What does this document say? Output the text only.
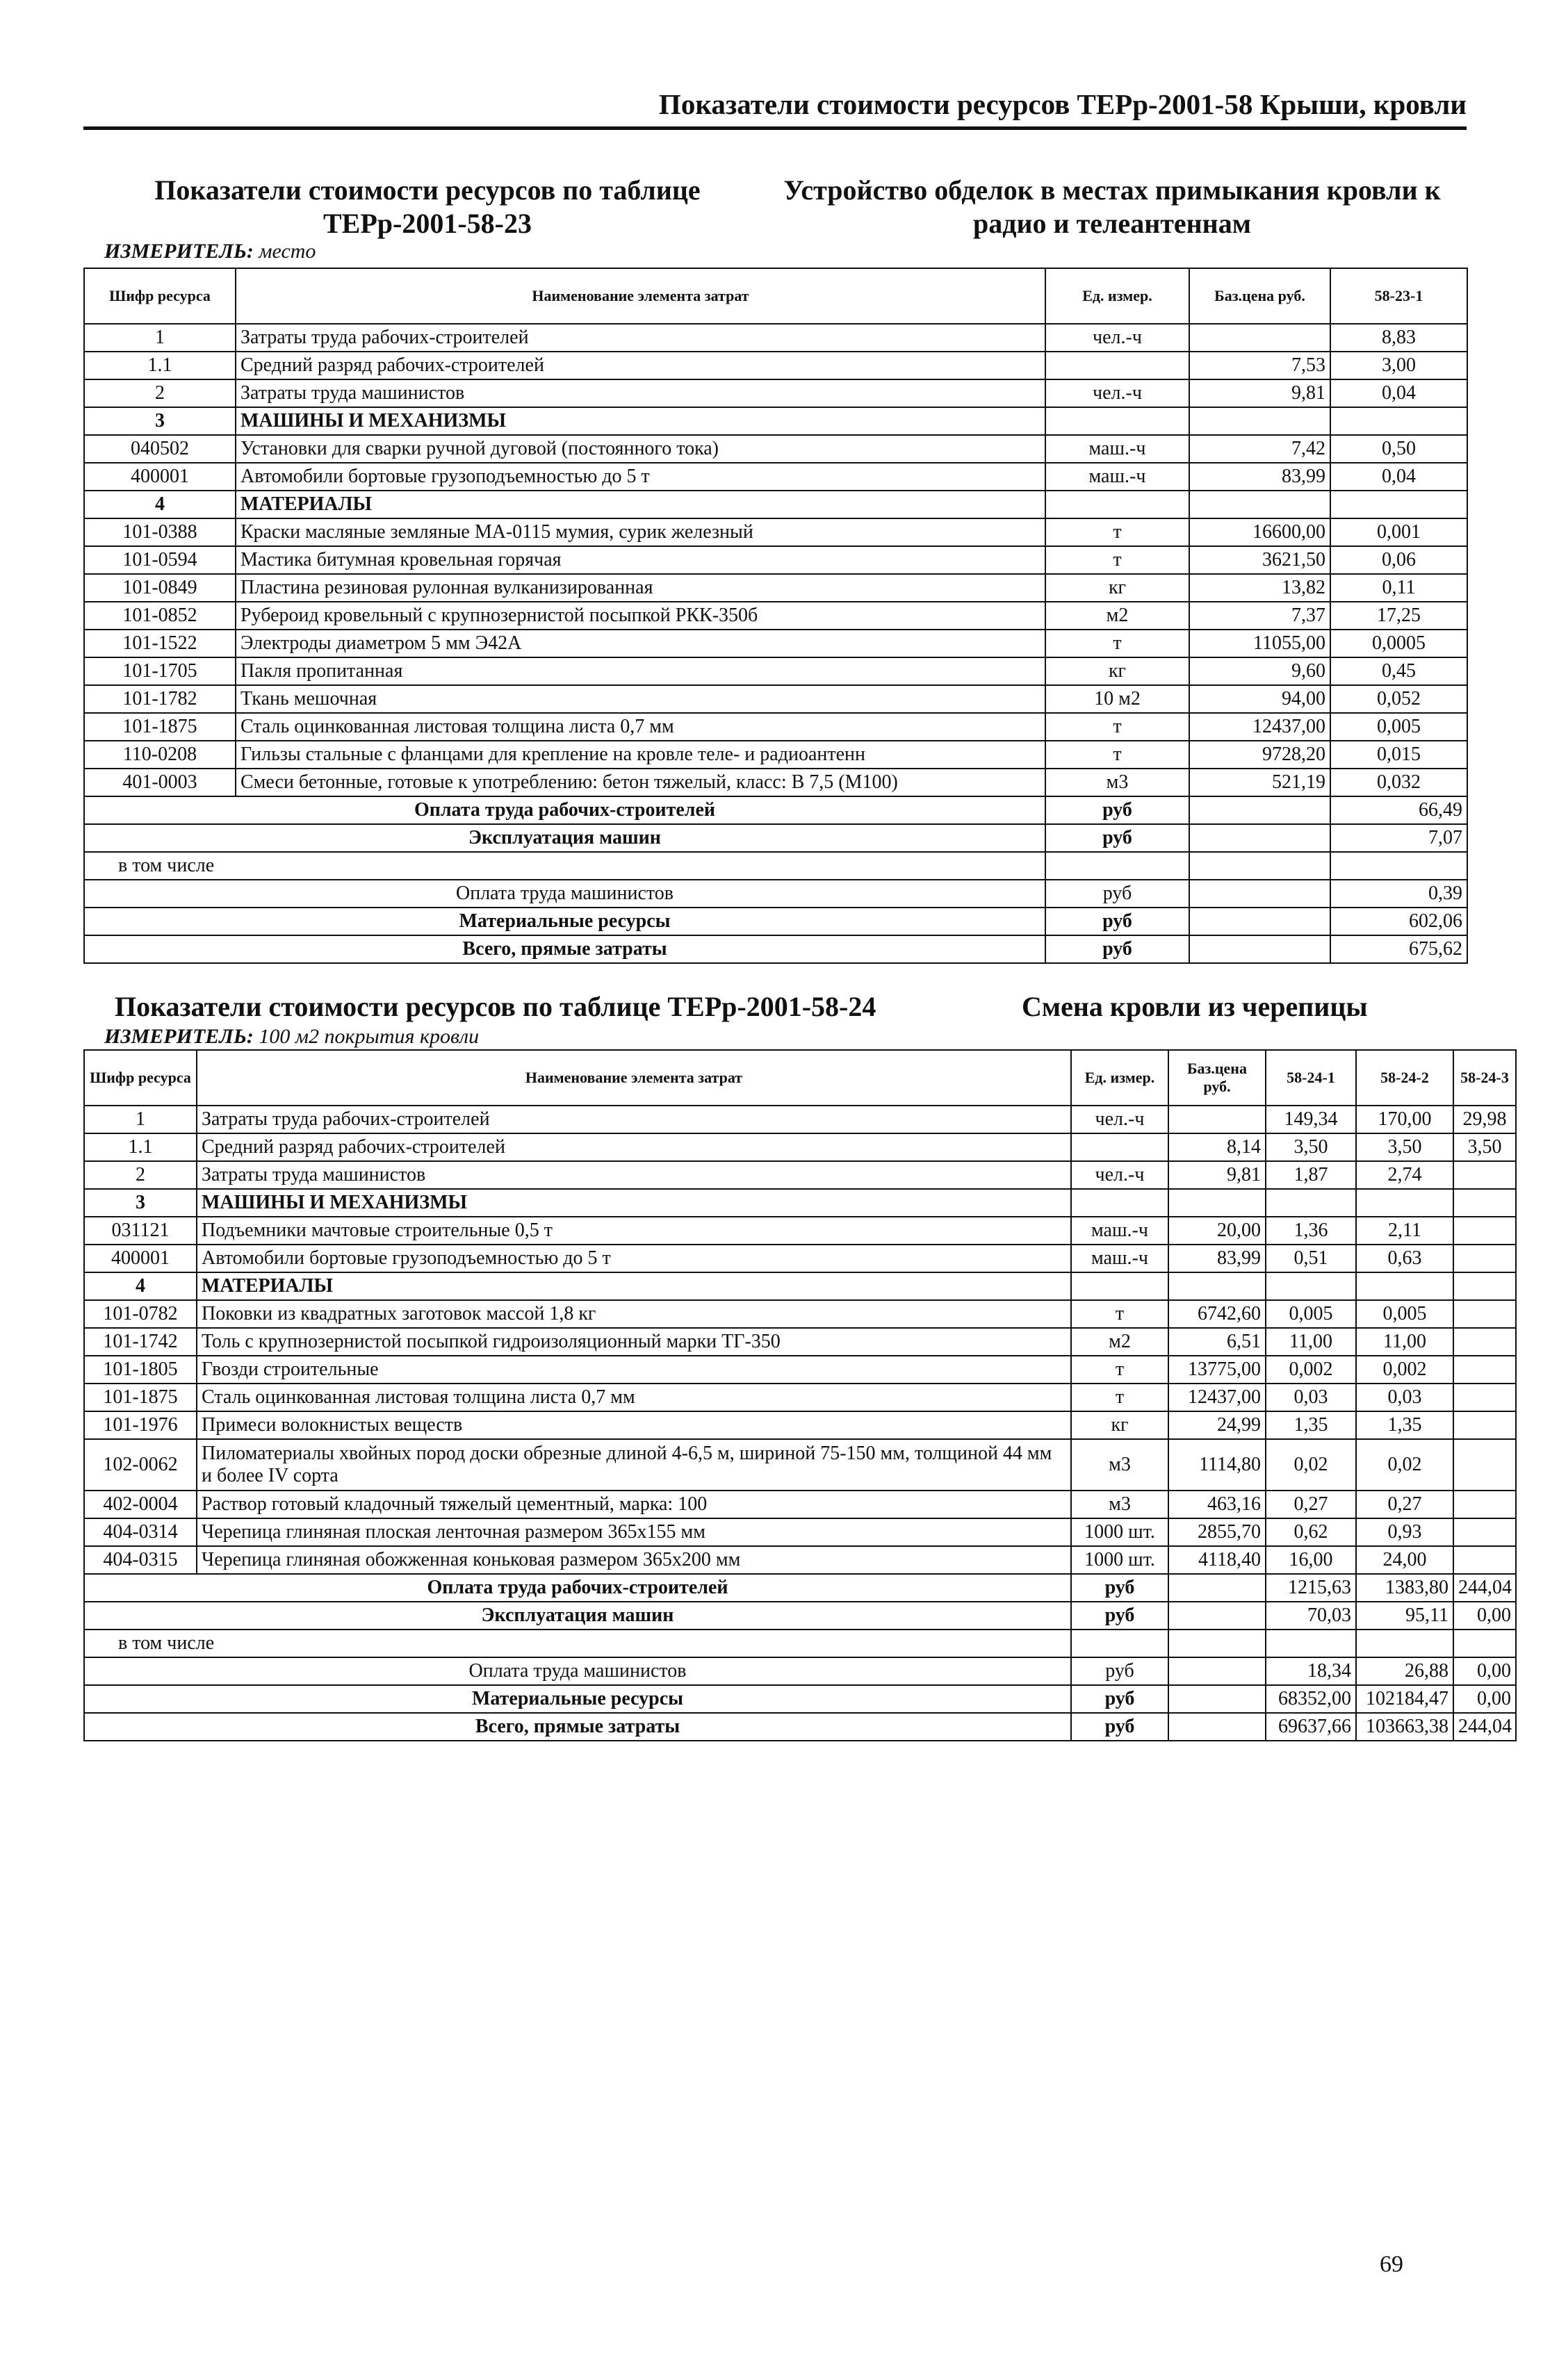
Показатели стоимости ресурсов ТЕРр-2001-58 Крыши, кровли
Показатели стоимости ресурсов по таблице
ТЕРр-2001-58-23
Устройство обделок в местах примыкания кровли к
радио и телеантеннам
ИЗМЕРИТЕЛЬ: место
Шифр ресурса	Наименование элемента затрат	Ед. измер.	Баз.цена руб.	58-23-1
1	Затраты труда рабочих-строителей	чел.-ч		8,83
1.1	Средний разряд рабочих-строителей		7,53	3,00
2	Затраты труда машинистов	чел.-ч	9,81	0,04
3	МАШИНЫ И МЕХАНИЗМЫ			
040502	Установки для сварки ручной дуговой (постоянного тока)	маш.-ч	7,42	0,50
400001	Автомобили бортовые грузоподъемностью до 5 т	маш.-ч	83,99	0,04
4	МАТЕРИАЛЫ			
101-0388	Краски масляные земляные МА-0115 мумия, сурик железный	т	16600,00	0,001
101-0594	Мастика битумная кровельная горячая	т	3621,50	0,06
101-0849	Пластина резиновая рулонная вулканизированная	кг	13,82	0,11
101-0852	Рубероид кровельный с крупнозернистой посыпкой РКК-350б	м2	7,37	17,25
101-1522	Электроды диаметром 5 мм Э42А	т	11055,00	0,0005
101-1705	Пакля пропитанная	кг	9,60	0,45
101-1782	Ткань мешочная	10 м2	94,00	0,052
101-1875	Сталь оцинкованная листовая толщина листа 0,7 мм	т	12437,00	0,005
110-0208	Гильзы стальные с фланцами для крепление на кровле теле- и радиоантенн	т	9728,20	0,015
401-0003	Смеси бетонные, готовые к употреблению: бетон тяжелый, класс: В 7,5 (М100)	м3	521,19	0,032
Оплата труда рабочих-строителей		руб		66,49
Эксплуатация машин		руб		7,07
в том числе				
Оплата труда машинистов		руб		0,39
Материальные ресурсы		руб		602,06
Всего, прямые затраты		руб		675,62
Показатели стоимости ресурсов по таблице ТЕРр-2001-58-24	Смена кровли из черепицы
ИЗМЕРИТЕЛЬ: 100 м2 покрытия кровли
Шифр ресурса	Наименование элемента затрат	Ед. измер.	Баз.цена руб.	58-24-1	58-24-2	58-24-3
1	Затраты труда рабочих-строителей	чел.-ч		149,34	170,00	29,98
1.1	Средний разряд рабочих-строителей		8,14	3,50	3,50	3,50
2	Затраты труда машинистов	чел.-ч	9,81	1,87	2,74	
3	МАШИНЫ И МЕХАНИЗМЫ					
031121	Подъемники мачтовые строительные 0,5 т	маш.-ч	20,00	1,36	2,11	
400001	Автомобили бортовые грузоподъемностью до 5 т	маш.-ч	83,99	0,51	0,63	
4	МАТЕРИАЛЫ					
101-0782	Поковки из квадратных заготовок массой 1,8 кг	т	6742,60	0,005	0,005	
101-1742	Толь с крупнозернистой посыпкой гидроизоляционный марки ТГ-350	м2	6,51	11,00	11,00	
101-1805	Гвозди строительные	т	13775,00	0,002	0,002	
101-1875	Сталь оцинкованная листовая толщина листа 0,7 мм	т	12437,00	0,03	0,03	
101-1976	Примеси волокнистых веществ	кг	24,99	1,35	1,35	
102-0062	Пиломатериалы хвойных пород доски обрезные длиной 4-6,5 м, шириной 75-150 мм, толщиной 44 мм и более IV сорта	м3	1114,80	0,02	0,02	
402-0004	Раствор готовый кладочный тяжелый цементный, марка: 100	м3	463,16	0,27	0,27	
404-0314	Черепица глиняная плоская ленточная размером 365x155 мм	1000 шт.	2855,70	0,62	0,93	
404-0315	Черепица глиняная обожженная коньковая размером 365x200 мм	1000 шт.	4118,40	16,00	24,00	
Оплата труда рабочих-строителей		руб		1215,63	1383,80	244,04
Эксплуатация машин		руб		70,03	95,11	0,00
в том числе						
Оплата труда машинистов		руб		18,34	26,88	0,00
Материальные ресурсы		руб		68352,00	102184,47	0,00
Всего, прямые затраты		руб		69637,66	103663,38	244,04
69
